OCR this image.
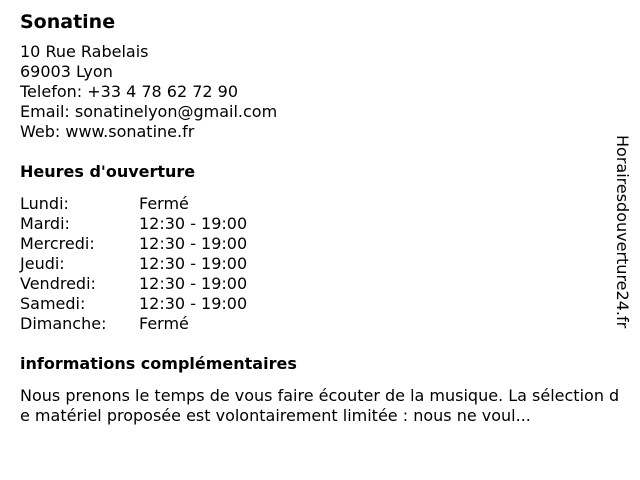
Sonatine
10 Rue Rabelais
69003 Lyon
Telefon: +33 4 78 62 72 90
Email: sonatinelyon@gmail.com
Web: www.sonatine.fr
Heures d'ouverture
Lundi:	Fermé
Mardi:	12:30 - 19:00
Mercredi:	12:30 - 19:00
Jeudi:	12:30 - 19:00
Vendredi:	12:30 - 19:00
Samedi:	12:30 - 19:00
Dimanche:	Fermé
informations complémentaires
Nous prenons le temps de vous faire écouter de la musique. La sélection de matériel proposée est volontairement limitée : nous ne voul...
Horairesdouverture24.fr
